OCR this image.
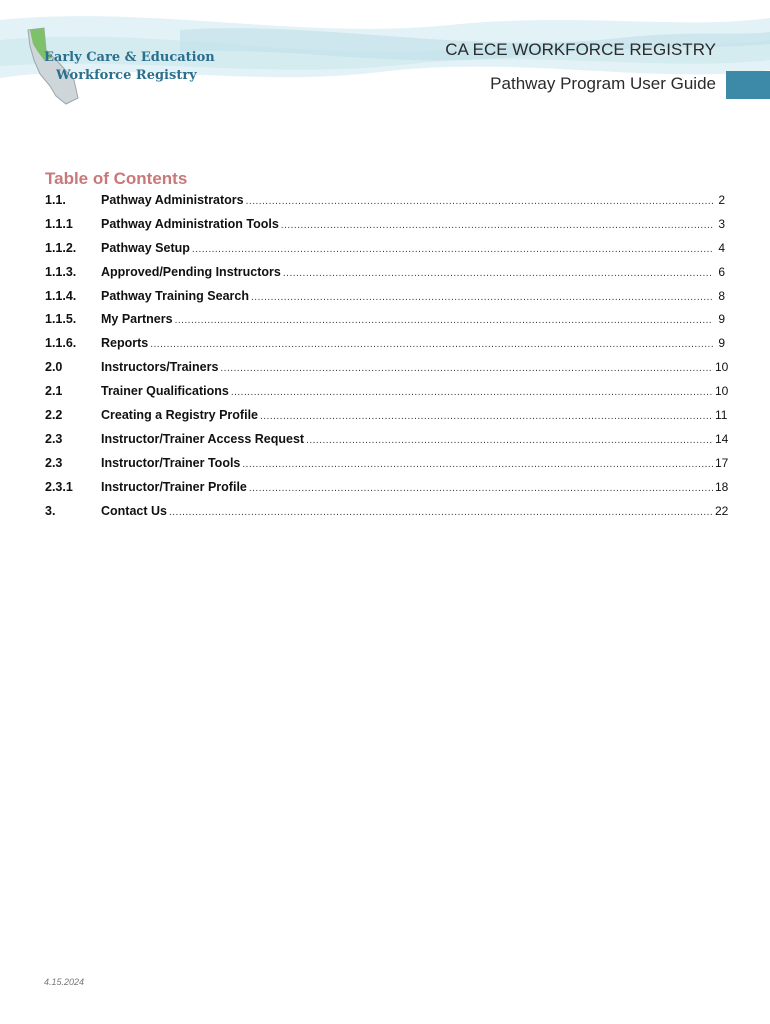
Early Care & Education
Workforce Registry
CA ECE WORKFORCE REGISTRY
Pathway Program User Guide
Table of Contents
1.1.	Pathway Administrators .....	2
1.1.1	Pathway Administration Tools .....	3
1.1.2.	Pathway Setup .....	4
1.1.3.	Approved/Pending Instructors .....	6
1.1.4.	Pathway Training Search .....	8
1.1.5.	My Partners .....	9
1.1.6.	Reports .....	9
2.0	Instructors/Trainers .....	10
2.1	Trainer Qualifications .....	10
2.2	Creating a Registry Profile .....	11
2.3	Instructor/Trainer Access Request .....	14
2.3	Instructor/Trainer Tools .....	17
2.3.1	Instructor/Trainer Profile .....	18
3.	Contact Us .....	22
4.15.2024
